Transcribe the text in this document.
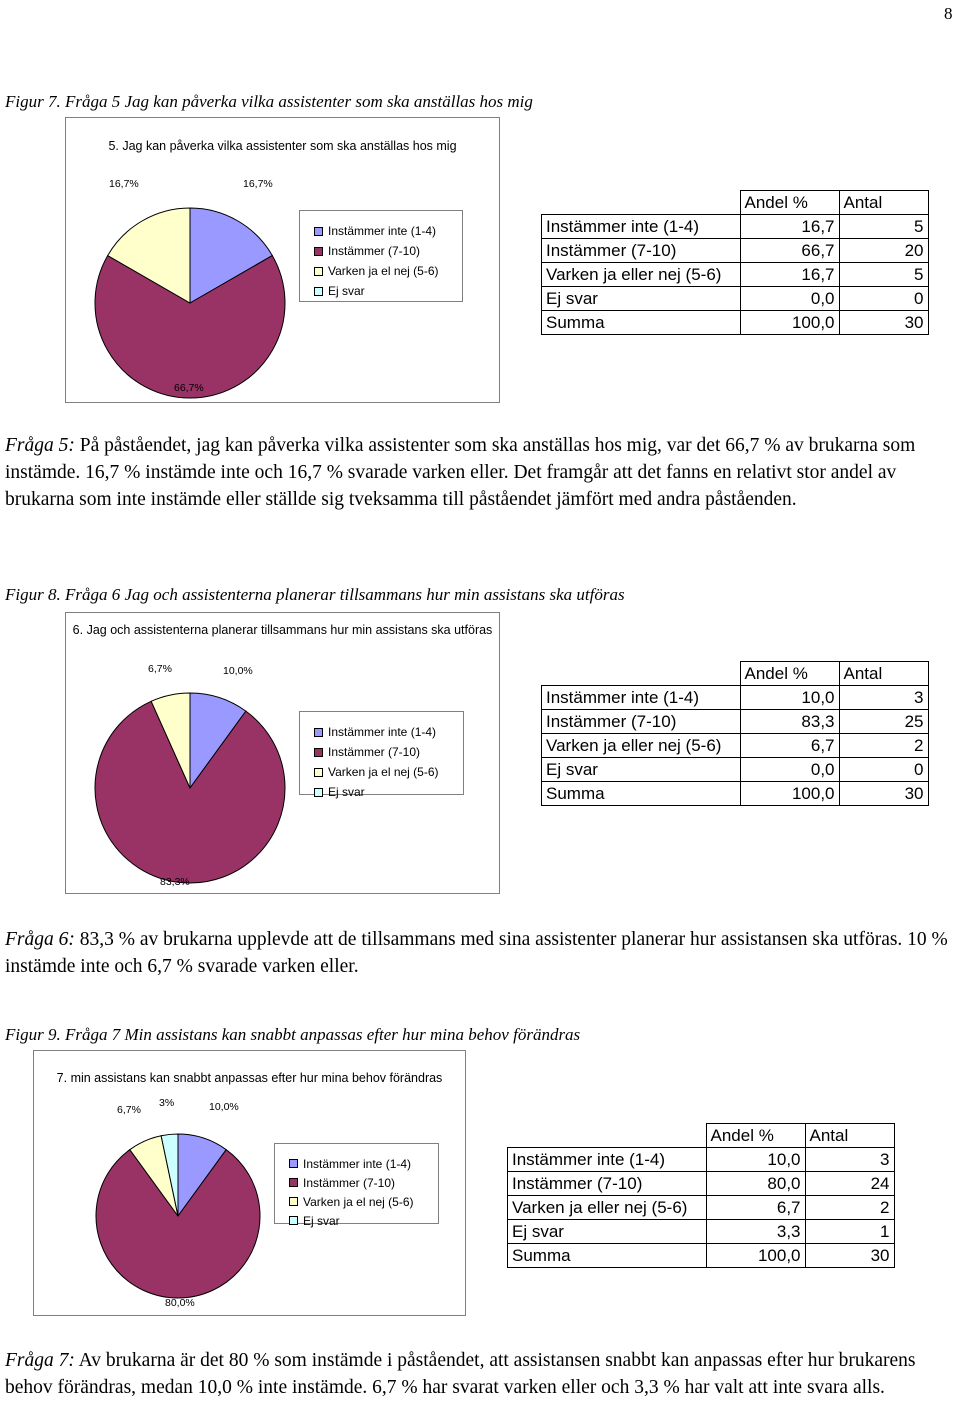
8
Figur 7. Fråga 5 Jag kan påverka vilka assistenter som ska anställas hos mig
5. Jag kan påverka vilka assistenter som ska anställas hos mig
16,7%	16,7%
66,7%
Instämmer inte (1-4)
Instämmer (7-10)
Varken ja el nej (5-6)
Ej svar
	Andel %	Antal
Instämmer inte (1-4)	16,7	5
Instämmer (7-10)	66,7	20
Varken ja eller nej (5-6)	16,7	5
Ej svar	0,0	0
Summa	100,0	30
Fråga 5: På påståendet, jag kan påverka vilka assistenter som ska anställas hos mig, var det 66,7 % av brukarna som instämde. 16,7 % instämde inte och 16,7 % svarade varken eller. Det framgår att det fanns en relativt stor andel av brukarna som inte instämde eller ställde sig tveksamma till påståendet jämfört med andra påståenden.
Figur 8. Fråga 6 Jag och assistenterna planerar tillsammans hur min assistans ska utföras
6. Jag och assistenterna planerar tillsammans hur min assistans ska utföras
6,7%	10,0%
83,3%
Instämmer inte (1-4)
Instämmer (7-10)
Varken ja el nej (5-6)
Ej svar
	Andel %	Antal
Instämmer inte (1-4)	10,0	3
Instämmer (7-10)	83,3	25
Varken ja eller nej (5-6)	6,7	2
Ej svar	0,0	0
Summa	100,0	30
Fråga 6: 83,3 % av brukarna upplevde att de tillsammans med sina assistenter planerar hur assistansen ska utföras. 10 % instämde inte och 6,7 % svarade varken eller.
Figur 9. Fråga 7 Min assistans kan snabbt anpassas efter hur mina behov förändras
7. min assistans kan snabbt anpassas efter hur mina behov förändras
6,7%
3%	10,0%
80,0%
Instämmer inte (1-4)
Instämmer (7-10)
Varken ja el nej (5-6)
Ej svar
	Andel %	Antal
Instämmer inte (1-4)	10,0	3
Instämmer (7-10)	80,0	24
Varken ja eller nej (5-6)	6,7	2
Ej svar	3,3	1
Summa	100,0	30
Fråga 7: Av brukarna är det 80 % som instämde i påståendet, att assistansen snabbt kan anpassas efter hur brukarens behov förändras, medan 10,0 % inte instämde. 6,7 % har svarat varken eller och 3,3 % har valt att inte svara alls.
